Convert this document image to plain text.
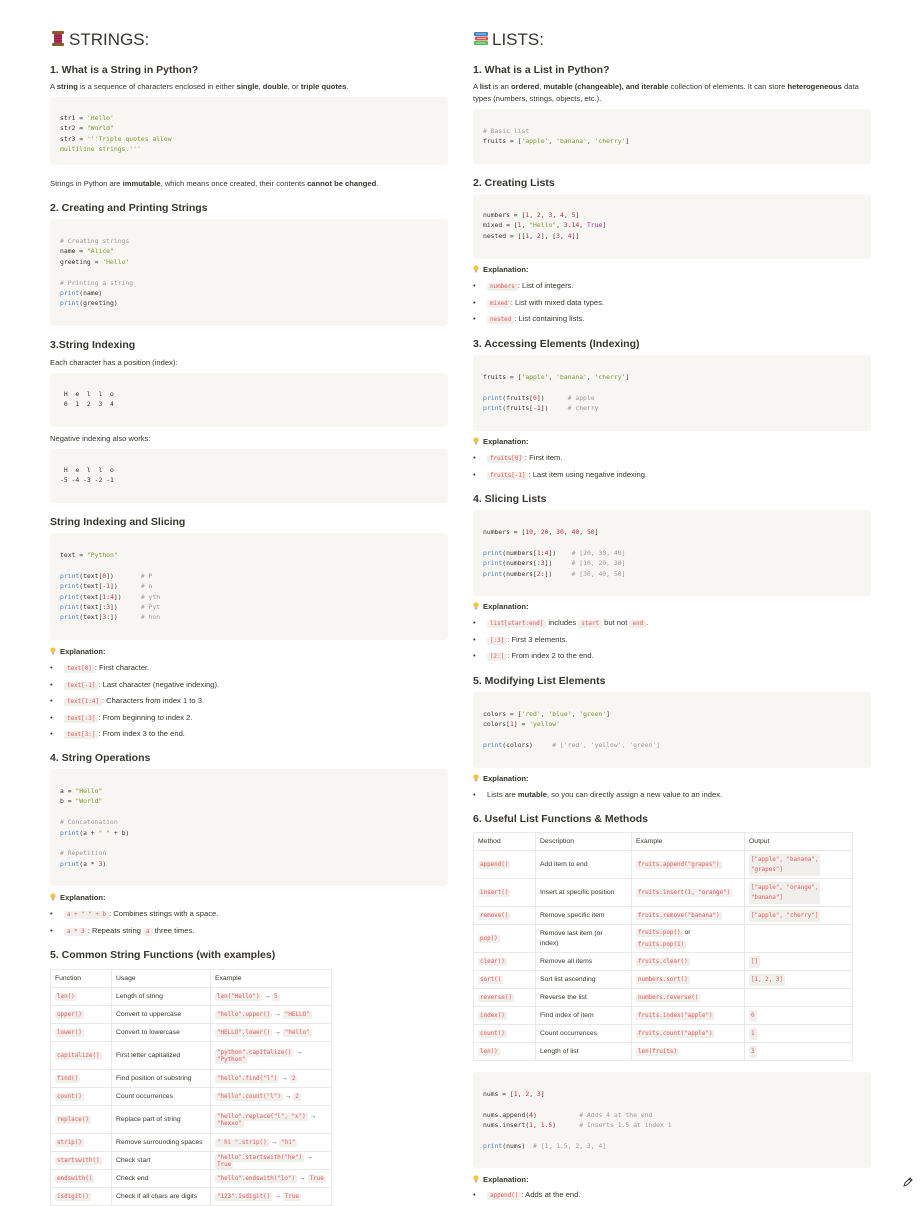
STRINGS:
1. What is a String in Python?
A string is a sequence of characters enclosed in either single, double, or triple quotes.
str1 = 'Hello'
str2 = "World"
str3 = '''Triple quotes allow
multiline strings.'''
Strings in Python are immutable, which means once created, their contents cannot be changed.
2. Creating and Printing Strings
# Creating strings
name = "Alice"
greeting = 'Hello'

# Printing a string
print(name)
print(greeting)
3.String Indexing
Each character has a position (index):
H  e  l  l  o
0  1  2  3  4
Negative indexing also works:
H  e  l  l  o
-5 -4 -3 -2 -1
String Indexing and Slicing
text = "Python"

print(text[0])       # P
print(text[-1])      # n
print(text[1:4])     # yth
print(text[:3])      # Pyt
print(text[3:])      # hon
Explanation:
• text[0] : First character.
• text[-1] : Last character (negative indexing).
• text[1:4] : Characters from index 1 to 3.
• text[:3] : From beginning to index 2.
• text[3:] : From index 3 to the end.
4. String Operations
a = "Hello"
b = "World"

# Concatenation
print(a + " " + b)

# Repetition
print(a * 3)
Explanation:
• a + " " + b : Combines strings with a space.
• a * 3 : Repeats string a three times.
5. Common String Functions (with examples)
Function	Usage	Example
len()	Length of string	len("Hello") → 5
upper()	Convert to uppercase	"hello".upper() → "HELLO"
lower()	Convert to lowercase	"HELLO".lower() → "hello"
capitalize()	First letter capitalized	"python".capitalize() → "Python"
find()	Find position of substring	"hello".find("l") → 2
count()	Count occurrences	"hello".count("l") → 2
replace()	Replace part of string	"hello".replace("l", "x") → "hexxo"
strip()	Remove surrounding spaces	" hi ".strip() → "hi"
startswith()	Check start	"hello".startswith("he") → True
endswith()	Check end	"hello".endswith("lo") → True
isdigit()	Check if all chars are digits	"123".isdigit() → True
LISTS:
1. What is a List in Python?
A list is an ordered, mutable (changeable), and iterable collection of elements. It can store heterogeneous data types (numbers, strings, objects, etc.).
# Basic list
fruits = ['apple', 'banana', 'cherry']
2. Creating Lists
numbers = [1, 2, 3, 4, 5]
mixed = [1, "Hello", 3.14, True]
nested = [[1, 2], [3, 4]]
Explanation:
• numbers : List of integers.
• mixed : List with mixed data types.
• nested : List containing lists.
3. Accessing Elements (Indexing)
fruits = ['apple', 'banana', 'cherry']

print(fruits[0])      # apple
print(fruits[-1])     # cherry
Explanation:
• fruits[0] : First item.
• fruits[-1] : Last item using negative indexing.
4. Slicing Lists
numbers = [10, 20, 30, 40, 50]

print(numbers[1:4])    # [20, 30, 40]
print(numbers[:3])     # [10, 20, 30]
print(numbers[2:])     # [30, 40, 50]
Explanation:
• list[start:end] includes start but not end .
• [:3] : First 3 elements.
• [2:] : From index 2 to the end.
5. Modifying List Elements
colors = ['red', 'blue', 'green']
colors[1] = 'yellow'

print(colors)     # ['red', 'yellow', 'green']
Explanation:
• Lists are mutable, so you can directly assign a new value to an index.
6. Useful List Functions & Methods
Method	Description	Example	Output
append()	Add item to end	fruits.append("grapes")	["apple", "banana",
"grapes"]
insert()	Insert at specific position	fruits.insert(1, "orange")	["apple", "orange",
"banana"]
remove()	Remove specific item	fruits.remove("banana")	["apple", "cherry"]
pop()	Remove last item (or
index)	fruits.pop() or
fruits.pop(1)	
clear()	Remove all items	fruits.clear()	[]
sort()	Sort list ascending	numbers.sort()	[1, 2, 3]
reverse()	Reverse the list	numbers.reverse()	
index()	Find index of item	fruits.index("apple")	0
count()	Count occurrences	fruits.count("apple")	1
len()	Length of list	len(fruits)	3
nums = [1, 2, 3]

nums.append(4)           # Adds 4 at the end
nums.insert(1, 1.5)      # Inserts 1.5 at index 1

print(nums)  # [1, 1.5, 2, 3, 4]
Explanation:
• append() : Adds at the end.
